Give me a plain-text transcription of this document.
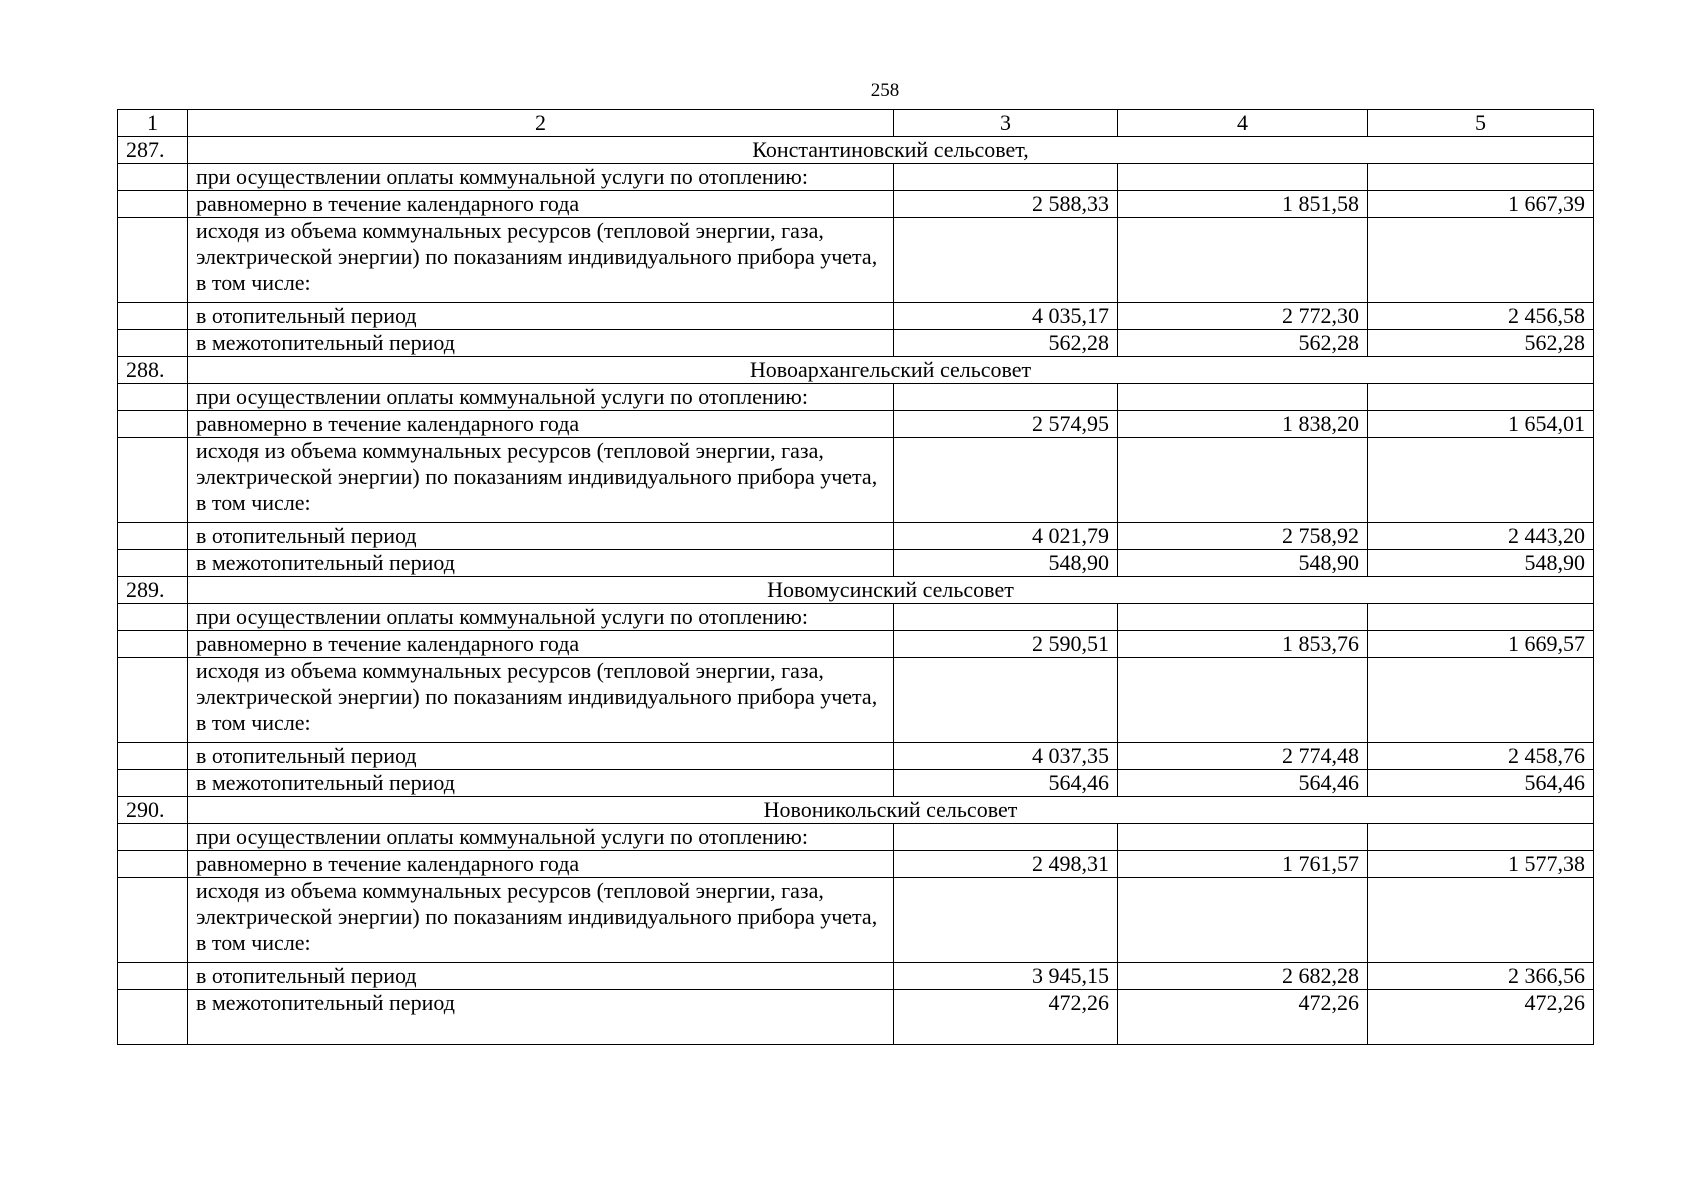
258
1	2	3	4	5
287.	Константиновский сельсовет,			
	при осуществлении оплаты коммунальной услуги по отоплению:			
	равномерно в течение календарного года	2 588,33	1 851,58	1 667,39
	исходя из объема коммунальных ресурсов (тепловой энергии, газа, электрической энергии) по показаниям индивидуального прибора учета, в том числе:			
	в отопительный период	4 035,17	2 772,30	2 456,58
	в межотопительный период	562,28	562,28	562,28
288.	Новоархангельский сельсовет			
	при осуществлении оплаты коммунальной услуги по отоплению:			
	равномерно в течение календарного года	2 574,95	1 838,20	1 654,01
	исходя из объема коммунальных ресурсов (тепловой энергии, газа, электрической энергии) по показаниям индивидуального прибора учета, в том числе:			
	в отопительный период	4 021,79	2 758,92	2 443,20
	в межотопительный период	548,90	548,90	548,90
289.	Новомусинский сельсовет			
	при осуществлении оплаты коммунальной услуги по отоплению:			
	равномерно в течение календарного года	2 590,51	1 853,76	1 669,57
	исходя из объема коммунальных ресурсов (тепловой энергии, газа, электрической энергии) по показаниям индивидуального прибора учета, в том числе:			
	в отопительный период	4 037,35	2 774,48	2 458,76
	в межотопительный период	564,46	564,46	564,46
290.	Новоникольский сельсовет			
	при осуществлении оплаты коммунальной услуги по отоплению:			
	равномерно в течение календарного года	2 498,31	1 761,57	1 577,38
	исходя из объема коммунальных ресурсов (тепловой энергии, газа, электрической энергии) по показаниям индивидуального прибора учета, в том числе:			
	в отопительный период	3 945,15	2 682,28	2 366,56
	в межотопительный период	472,26	472,26	472,26
